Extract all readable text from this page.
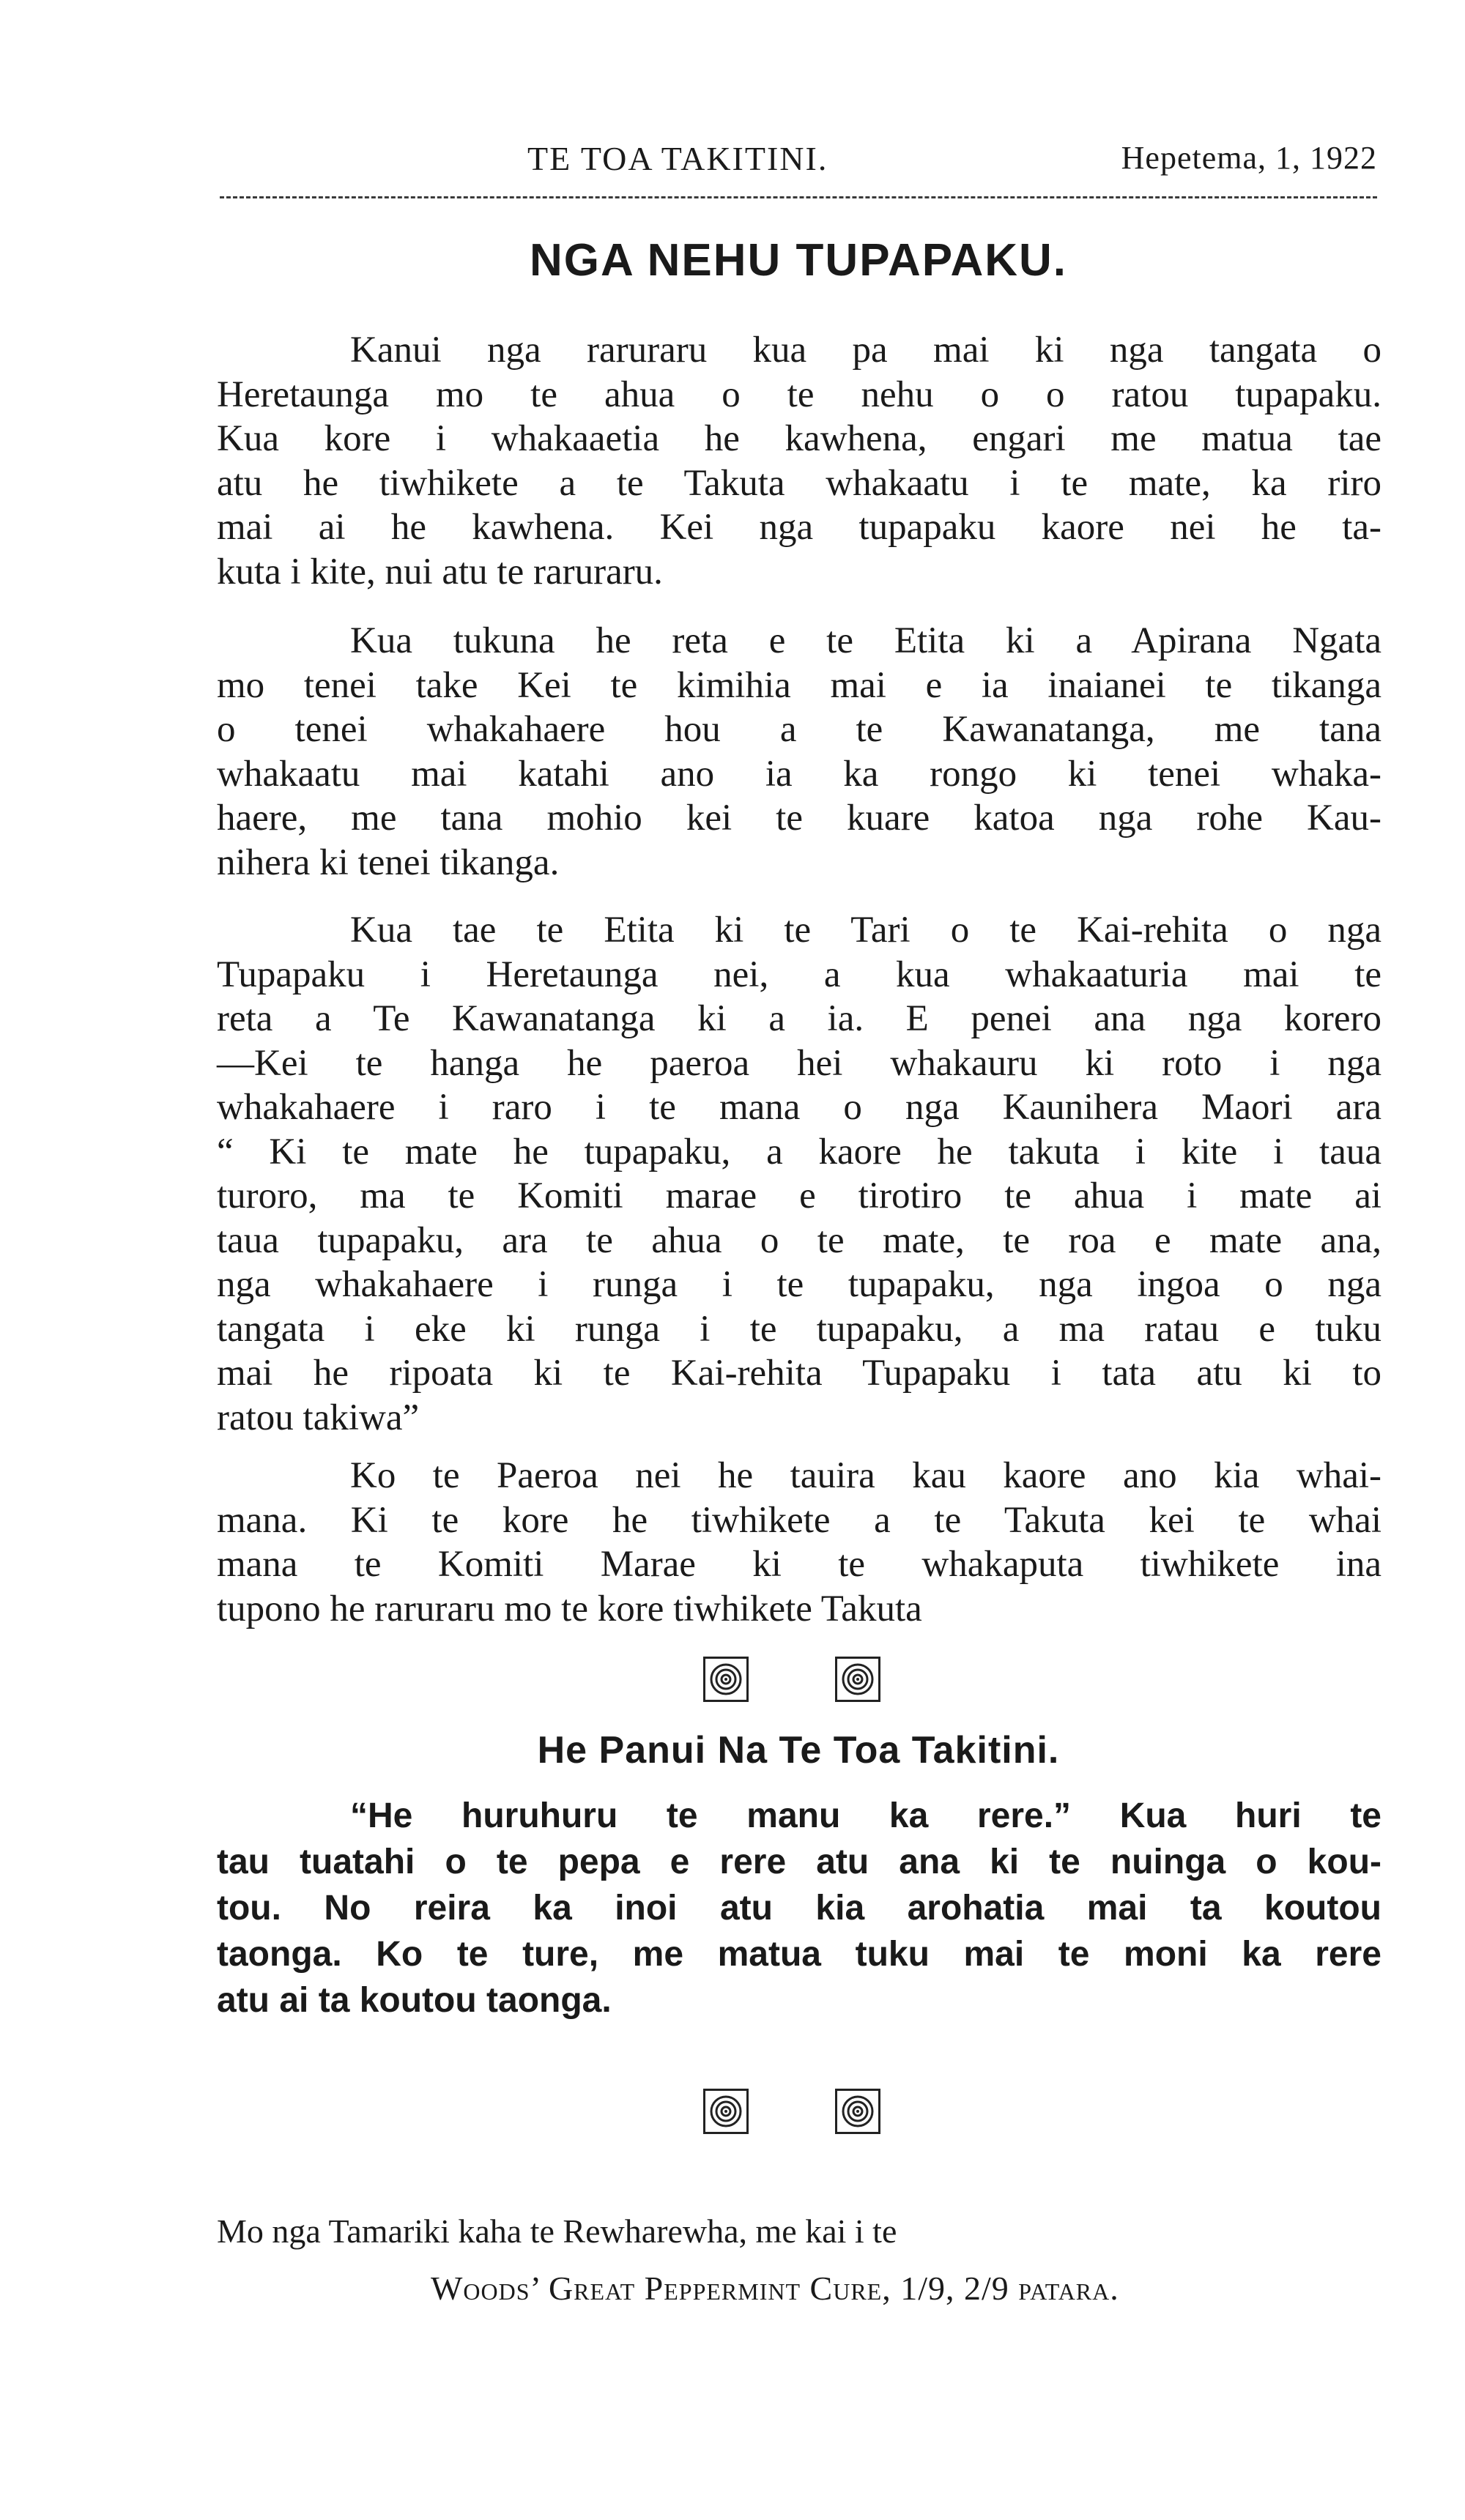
TE TOA TAKITINI.	Hepetema, 1, 1922
NGA NEHU TUPAPAKU.
Kanui nga raruraru kua pa mai ki nga tangata o
Heretaunga mo te ahua o te nehu o o ratou tupapaku.
Kua kore i whakaaetia he kawhena, engari me matua tae
atu he tiwhikete a te Takuta whakaatu i te mate, ka riro
mai ai he kawhena. Kei nga tupapaku kaore nei he ta-
kuta i kite, nui atu te raruraru.
Kua tukuna he reta e te Etita ki a Apirana Ngata
mo tenei take Kei te kimihia mai e ia inaianei te tikanga
o tenei whakahaere hou a te Kawanatanga, me tana
whakaatu mai katahi ano ia ka rongo ki tenei whaka-
haere, me tana mohio kei te kuare katoa nga rohe Kau-
nihera ki tenei tikanga.
Kua tae te Etita ki te Tari o te Kai-rehita o nga
Tupapaku i Heretaunga nei, a kua whakaaturia mai te
reta a Te Kawanatanga ki a ia. E penei ana nga korero
—Kei te hanga he paeroa hei whakauru ki roto i nga
whakahaere i raro i te mana o nga Kaunihera Maori ara
“ Ki te mate he tupapaku, a kaore he takuta i kite i taua
turoro, ma te Komiti marae e tirotiro te ahua i mate ai
taua tupapaku, ara te ahua o te mate, te roa e mate ana,
nga whakahaere i runga i te tupapaku, nga ingoa o nga
tangata i eke ki runga i te tupapaku, a ma ratau e tuku
mai he ripoata ki te Kai-rehita Tupapaku i tata atu ki to
ratou takiwa”
Ko te Paeroa nei he tauira kau kaore ano kia whai-
mana. Ki te kore he tiwhikete a te Takuta kei te whai
mana te Komiti Marae ki te whakaputa tiwhikete ina
tupono he raruraru mo te kore tiwhikete Takuta
He Panui Na Te Toa Takitini.
“He huruhuru te manu ka rere.” Kua huri te
tau tuatahi o te pepa e rere atu ana ki te nuinga o kou-
tou. No reira ka inoi atu kia arohatia mai ta koutou
taonga. Ko te ture, me matua tuku mai te moni ka rere
atu ai ta koutou taonga.
Mo nga Tamariki kaha te Rewharewha, me kai i te
Woods’ Great Peppermint Cure, 1/9, 2/9 patara.
